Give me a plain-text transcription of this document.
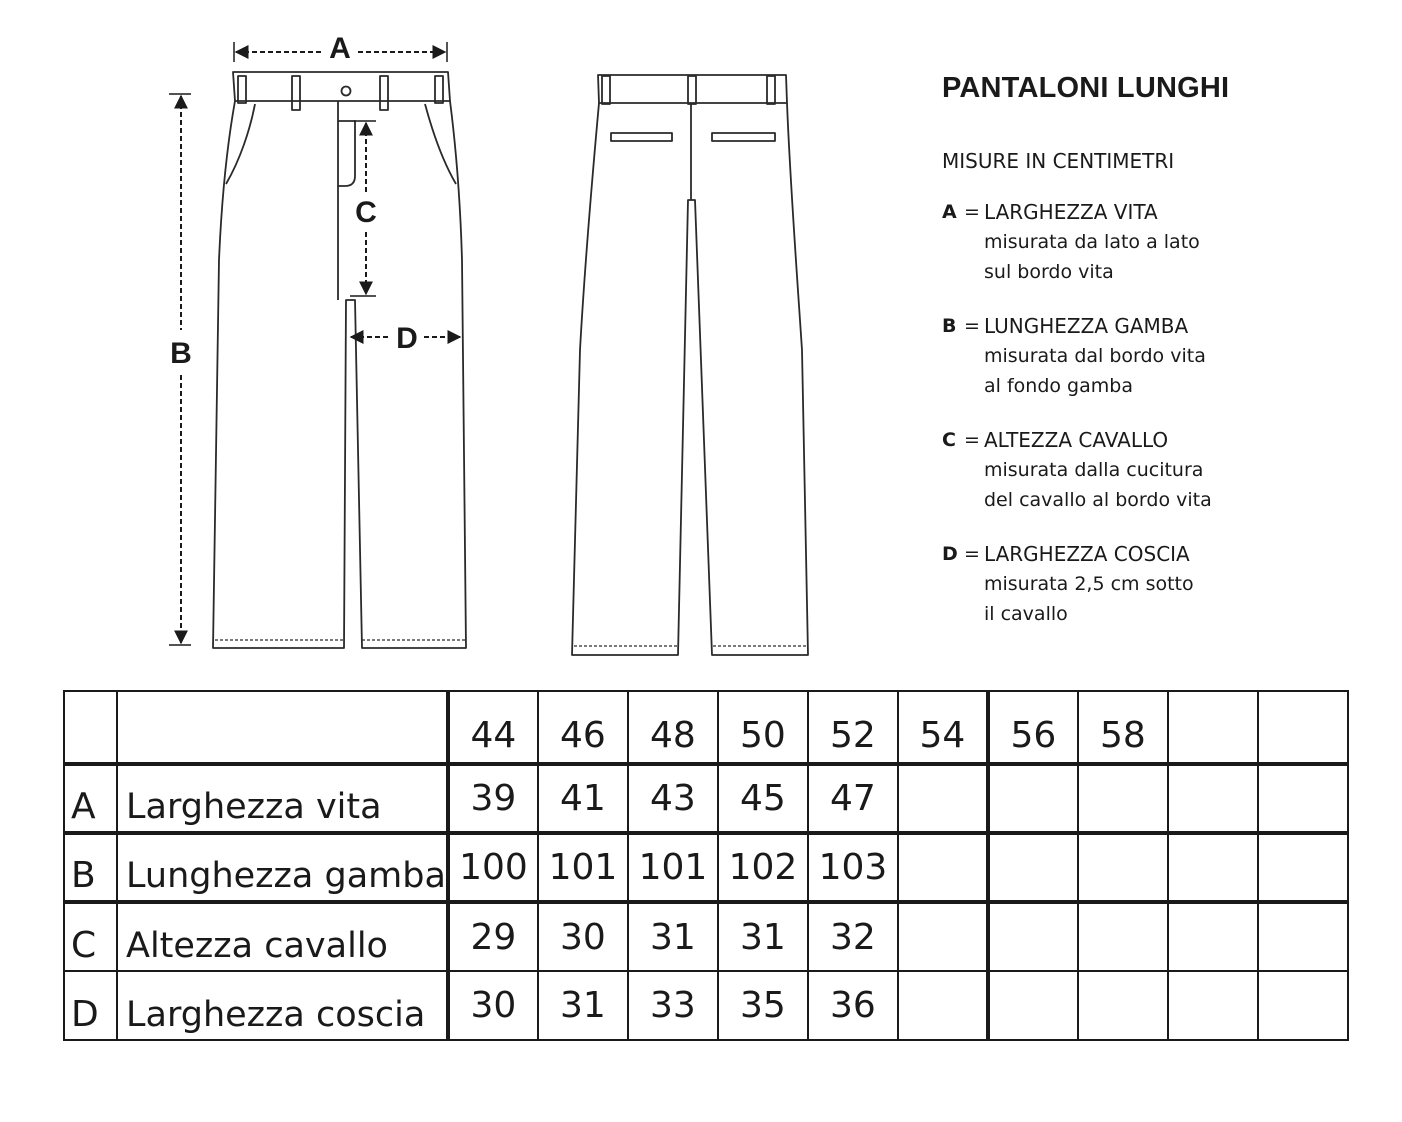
A
B
C
D
PANTALONI LUNGHI
MISURE IN CENTIMETRI
A = LARGHEZZA VITA
misurata da lato a lato
sul bordo vita
B = LUNGHEZZA GAMBA
misurata dal bordo vita
al fondo gamba
C = ALTEZZA CAVALLO
misurata dalla cucitura
del cavallo al bordo vita
D = LARGHEZZA COSCIA
misurata 2,5 cm sotto
il cavallo
		44	46	48	50	52	54	56	58		
A	Larghezza vita	39	41	43	45	47					
B	Lunghezza gamba	100	101	101	102	103					
C	Altezza cavallo	29	30	31	31	32					
D	Larghezza coscia	30	31	33	35	36					
